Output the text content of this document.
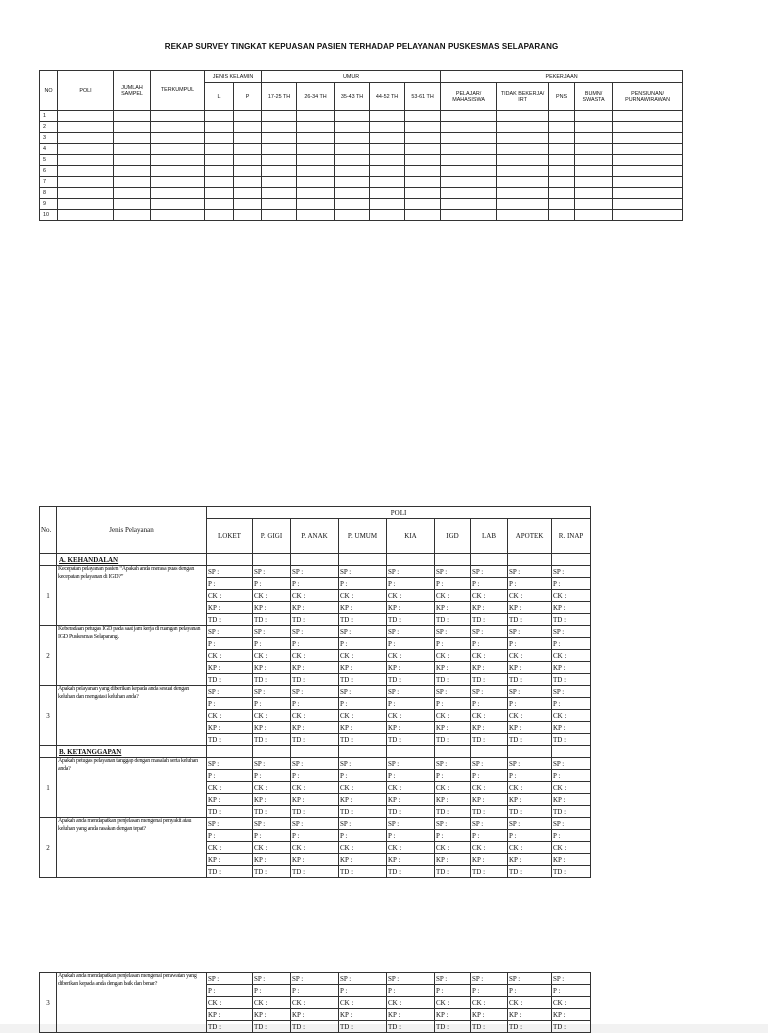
REKAP SURVEY TINGKAT KEPUASAN PASIEN TERHADAP PELAYANAN PUSKESMAS SELAPARANG
NO	POLI	JUMLAH SAMPEL	TERKUMPUL	JENIS KELAMIN		UMUR					PEKERJAAN				
				L	P	17-25 TH	26-34 TH	35-43 TH	44-52 TH	53-61 TH	PELAJAR/ MAHASISWA	TIDAK BEKERJA/ IRT	PNS	BUMN/ SWASTA	PENSIUNAN/ PURNAWIRAWAN
1															
2															
3															
4															
5															
6															
7															
8															
9															
10															
No.	Jenis Pelayanan	POLI								
		LOKET	P. GIGI	P. ANAK	P. UMUM	KIA	IGD	LAB	APOTEK	R. INAP
	A. KEHANDALAN									
1	Kecepatan pelayanan pasien “Apakah anda merasa puas dengan kecepatan pelayanan di IGD?”	SP :	SP :	SP :	SP :	SP :	SP :	SP :	SP :	SP :
		P :	P :	P :	P :	P :	P :	P :	P :	P :
		CK :	CK :	CK :	CK :	CK :	CK :	CK :	CK :	CK :
		KP :	KP :	KP :	KP :	KP :	KP :	KP :	KP :	KP :
		TD :	TD :	TD :	TD :	TD :	TD :	TD :	TD :	TD :
2	Keberadaan petugas IGD pada saat jam kerja di ruangan pelayanan IGD Puskesmas Selaparang.	SP :	SP :	SP :	SP :	SP :	SP :	SP :	SP :	SP :
		P :	P :	P :	P :	P :	P :	P :	P :	P :
		CK :	CK :	CK :	CK :	CK :	CK :	CK :	CK :	CK :
		KP :	KP :	KP :	KP :	KP :	KP :	KP :	KP :	KP :
		TD :	TD :	TD :	TD :	TD :	TD :	TD :	TD :	TD :
3	Apakah pelayanan yang diberikan kepada anda sesuai dengan keluhan dan mengatasi keluhan anda?	SP :	SP :	SP :	SP :	SP :	SP :	SP :	SP :	SP :
		P :	P :	P :	P :	P :	P :	P :	P :	P :
		CK :	CK :	CK :	CK :	CK :	CK :	CK :	CK :	CK :
		KP :	KP :	KP :	KP :	KP :	KP :	KP :	KP :	KP :
		TD :	TD :	TD :	TD :	TD :	TD :	TD :	TD :	TD :
	B. KETANGGAPAN									
1	Apakah petugas pelayanan tanggap dengan masalah serta keluhan anda?	SP :	SP :	SP :	SP :	SP :	SP :	SP :	SP :	SP :
		P :	P :	P :	P :	P :	P :	P :	P :	P :
		CK :	CK :	CK :	CK :	CK :	CK :	CK :	CK :	CK :
		KP :	KP :	KP :	KP :	KP :	KP :	KP :	KP :	KP :
		TD :	TD :	TD :	TD :	TD :	TD :	TD :	TD :	TD :
2	Apakah anda mendapatkan penjelasan mengenai penyakit atau keluhan yang anda rasakan dengan tepat?	SP :	SP :	SP :	SP :	SP :	SP :	SP :	SP :	SP :
		P :	P :	P :	P :	P :	P :	P :	P :	P :
		CK :	CK :	CK :	CK :	CK :	CK :	CK :	CK :	CK :
		KP :	KP :	KP :	KP :	KP :	KP :	KP :	KP :	KP :
		TD :	TD :	TD :	TD :	TD :	TD :	TD :	TD :	TD :
3	Apakah anda mendapatkan penjelasan mengenai perawatan yang diberikan kepada anda dengan baik dan benar?	SP :	SP :	SP :	SP :	SP :	SP :	SP :	SP :	SP :
		P :	P :	P :	P :	P :	P :	P :	P :	P :
		CK :	CK :	CK :	CK :	CK :	CK :	CK :	CK :	CK :
		KP :	KP :	KP :	KP :	KP :	KP :	KP :	KP :	KP :
		TD :	TD :	TD :	TD :	TD :	TD :	TD :	TD :	TD :
